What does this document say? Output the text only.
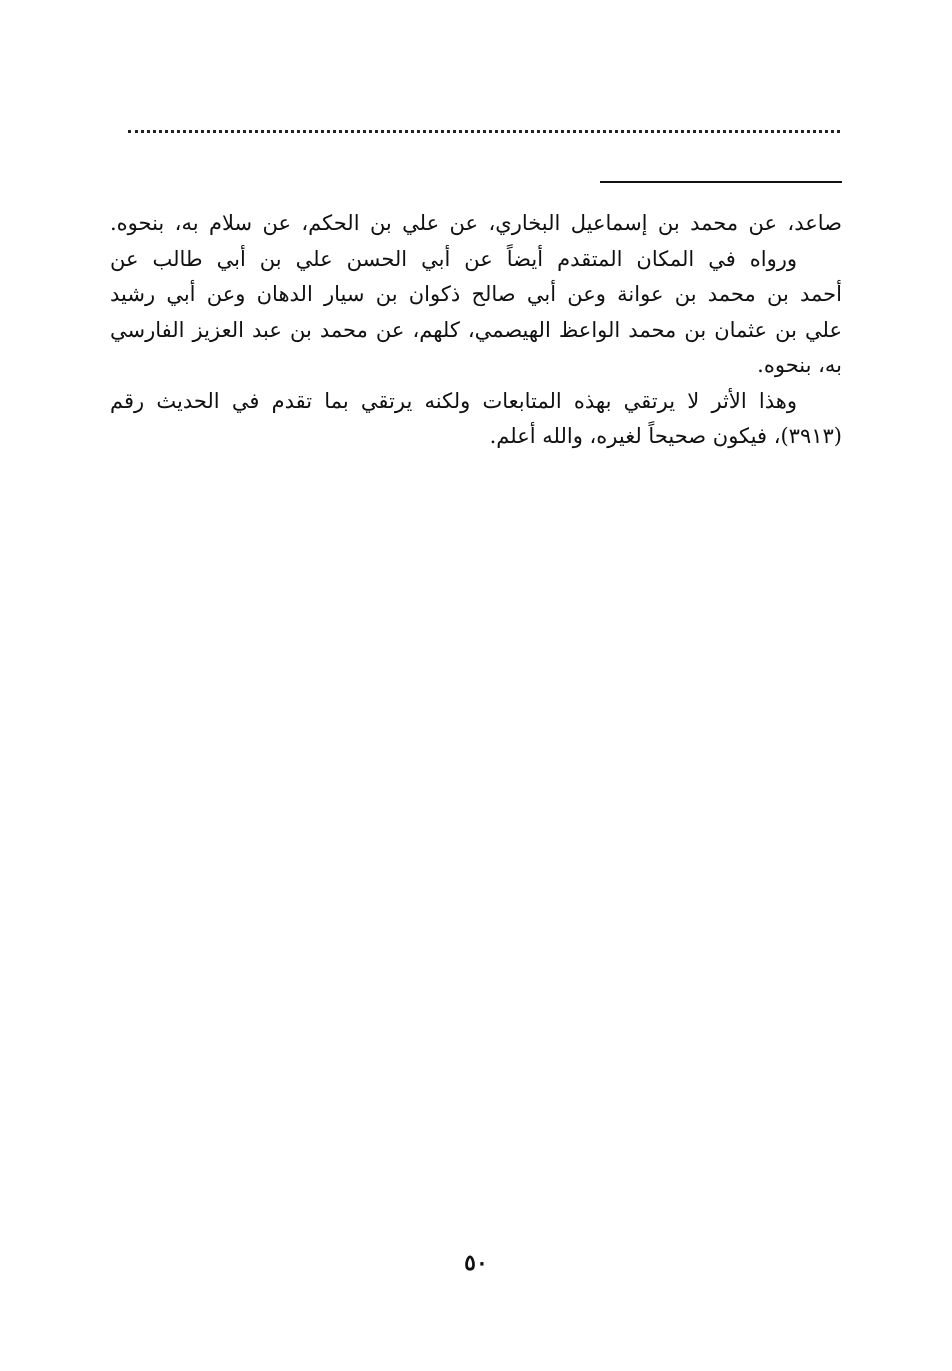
صاعد، عن محمد بن إسماعيل البخاري، عن علي بن الحكم، عن سلام به، بنحوه.

ورواه في المكان المتقدم أيضاً عن أبي الحسن علي بن أبي طالب عن
أحمد بن محمد بن عوانة وعن أبي صالح ذكوان بن سيار الدهان وعن أبي رشيد
علي بن عثمان بن محمد الواعظ الهيصمي، كلهم، عن محمد بن عبد العزيز الفارسي
به، بنحوه.

وهذا الأثر لا يرتقي بهذه المتابعات ولكنه يرتقي بما تقدم في الحديث رقم
(٣٩١٣)، فيكون صحيحاً لغيره، والله أعلم.

٥٠
